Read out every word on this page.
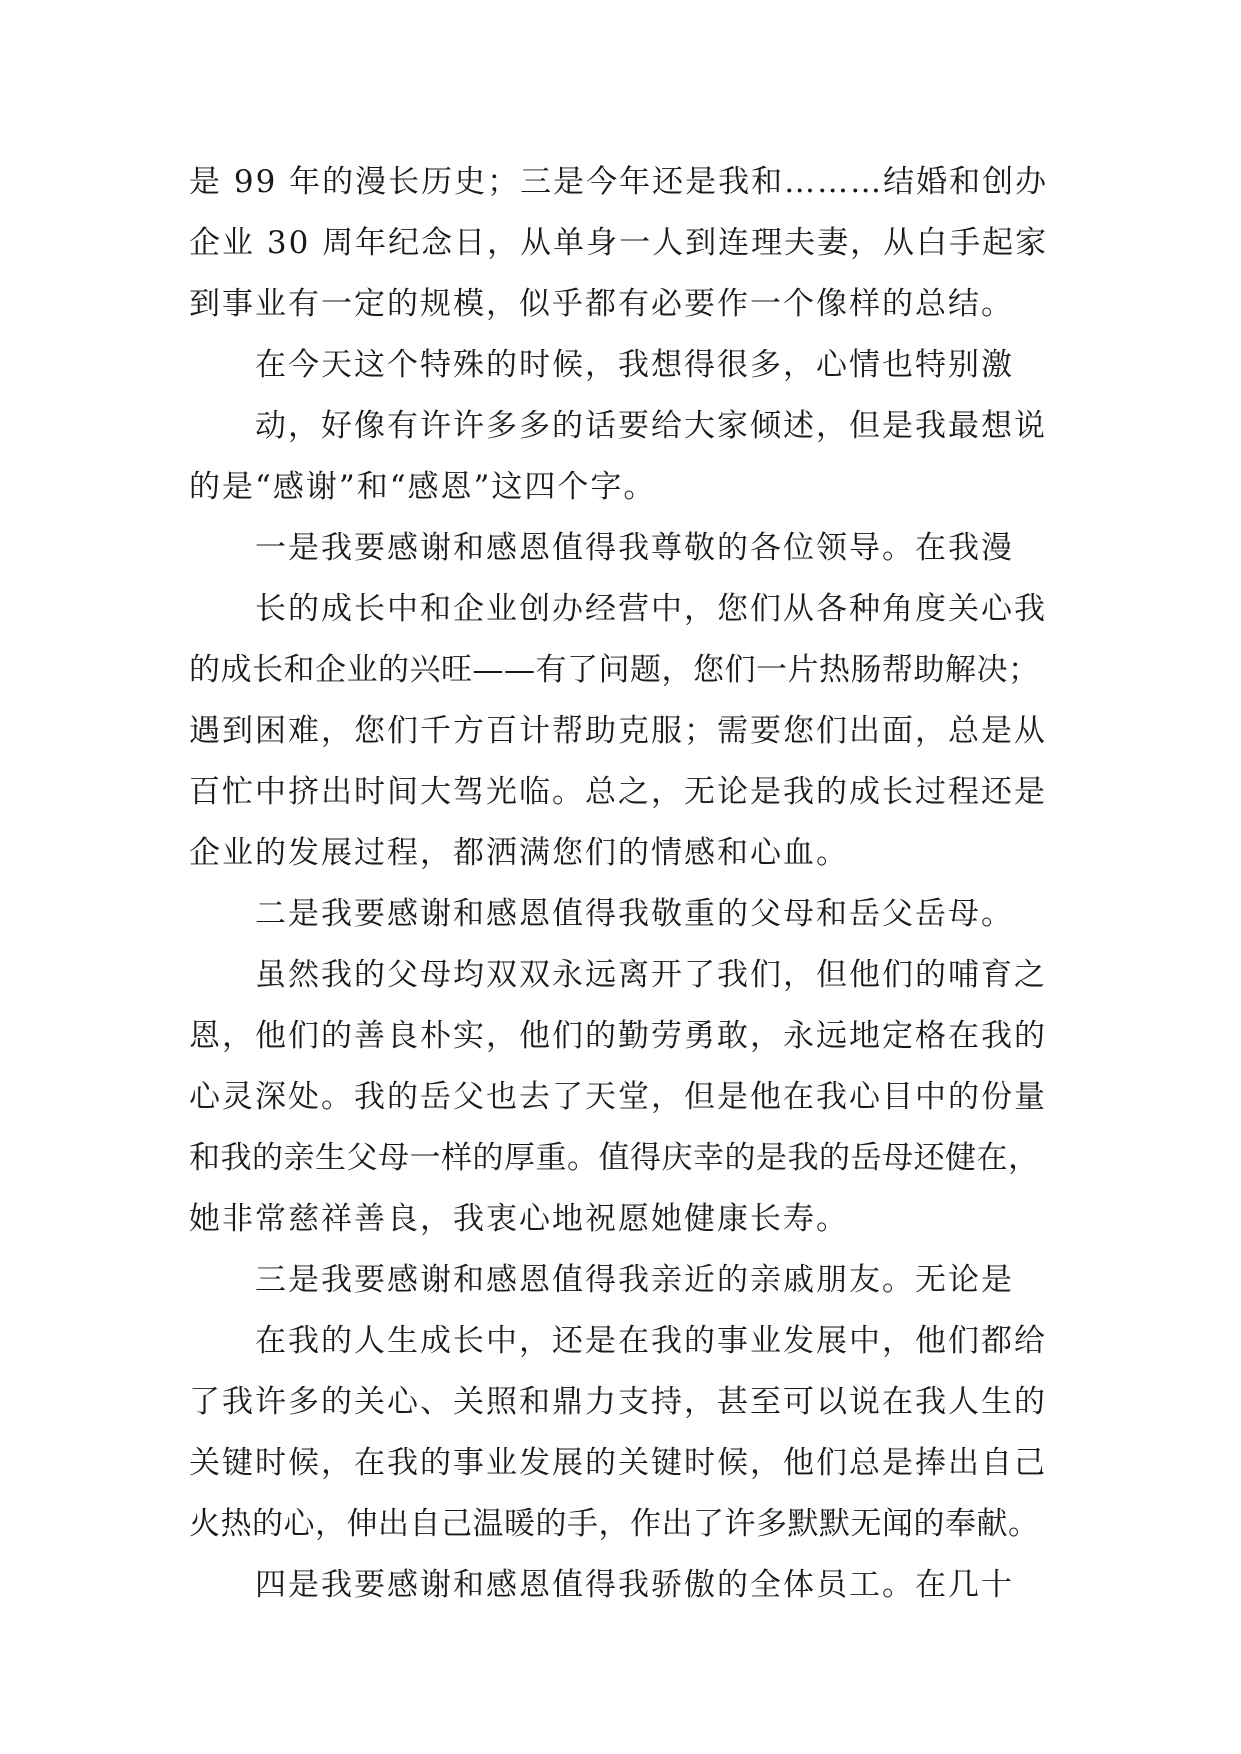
是 99 年的漫长历史；三是今年还是我和………结婚和创办
企业 30 周年纪念日，从单身一人到连理夫妻，从白手起家
到事业有一定的规模，似乎都有必要作一个像样的总结。
在今天这个特殊的时候，我想得很多，心情也特别激
动，好像有许许多多的话要给大家倾述，但是我最想说
的是“感谢”和“感恩”这四个字。
一是我要感谢和感恩值得我尊敬的各位领导。在我漫
长的成长中和企业创办经营中，您们从各种角度关心我
的成长和企业的兴旺——有了问题，您们一片热肠帮助解决；
遇到困难，您们千方百计帮助克服；需要您们出面，总是从
百忙中挤出时间大驾光临。总之，无论是我的成长过程还是
企业的发展过程，都洒满您们的情感和心血。
二是我要感谢和感恩值得我敬重的父母和岳父岳母。
虽然我的父母均双双永远离开了我们，但他们的哺育之
恩，他们的善良朴实，他们的勤劳勇敢，永远地定格在我的
心灵深处。我的岳父也去了天堂，但是他在我心目中的份量
和我的亲生父母一样的厚重。值得庆幸的是我的岳母还健在，
她非常慈祥善良，我衷心地祝愿她健康长寿。
三是我要感谢和感恩值得我亲近的亲戚朋友。无论是
在我的人生成长中，还是在我的事业发展中，他们都给
了我许多的关心、关照和鼎力支持，甚至可以说在我人生的
关键时候，在我的事业发展的关键时候，他们总是捧出自己
火热的心，伸出自己温暖的手，作出了许多默默无闻的奉献。
四是我要感谢和感恩值得我骄傲的全体员工。在几十
